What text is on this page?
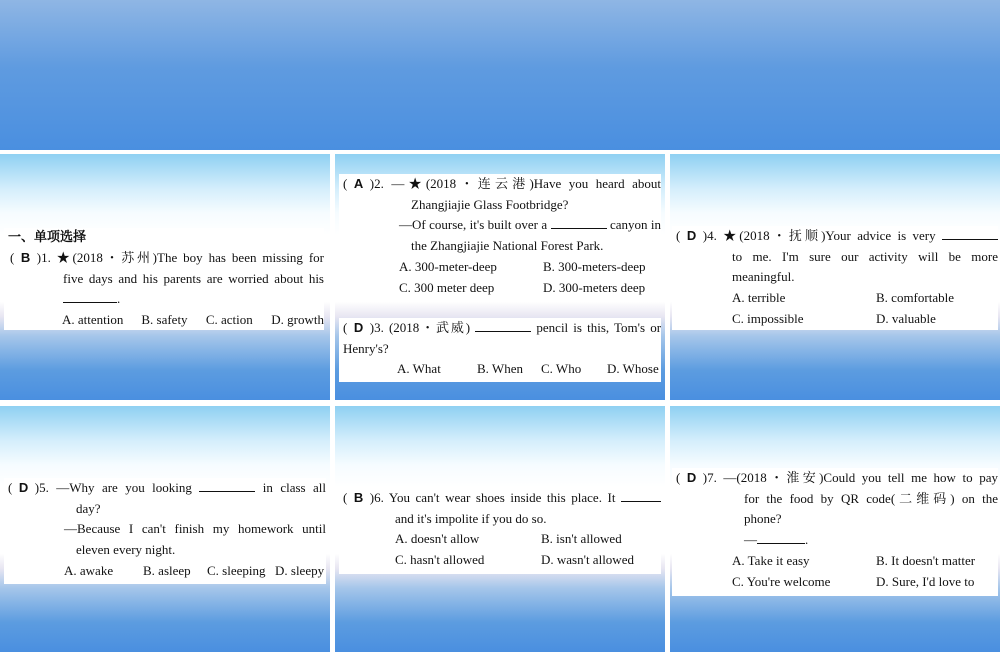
一、单项选择
(  B  )1. ★(2018・苏州)The boy has been missing for
five days and his parents are worried about his
.
A. attention	B. safety	C. action	D. growth
(  A  )2. —★(2018・连云港)Have you heard about
Zhangjiajie Glass Footbridge?
—Of course, it's built over a	canyon in
the Zhangjiajie National Forest Park.
A. 300-meter-deep	B. 300-meters-deep
C. 300 meter deep	D. 300-meters deep
(  D  )3. (2018・武威)	pencil is this, Tom's or
Henry's?
A. What	B. When	C. Who	D. Whose
(  D  )4. ★(2018・抚顺)Your advice is very
to me. I'm sure our activity will be more
meaningful.
A. terrible	B. comfortable
C. impossible	D. valuable
(  D  )5. —Why are you looking	in class all
day?
—Because I can't finish my homework until
eleven every night.
A. awake	B. asleep	C. sleeping D. sleepy
(  B  )6. You can't wear shoes inside this place. It
and it's impolite if you do so.
A. doesn't allow	B. isn't allowed
C. hasn't allowed	D. wasn't allowed
(  D  )7. —(2018・淮安)Could you tell me how to pay
for the food by QR code(二维码) on the
phone?
—	.
A. Take it easy	B. It doesn't matter
C. You're welcome	D. Sure, I'd love to
